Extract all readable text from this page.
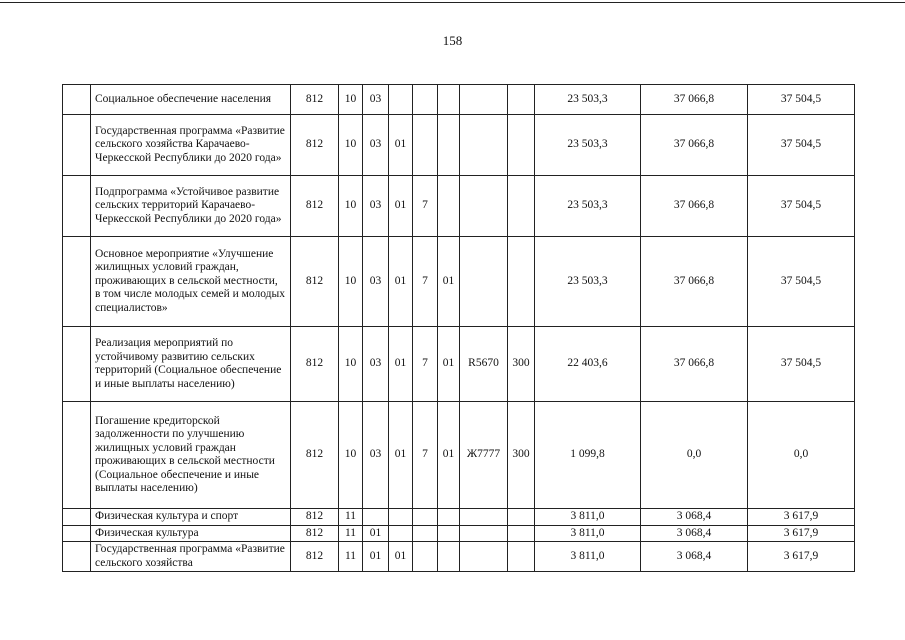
158
	Социальное обеспечение населения	812	10	03						23 503,3	37 066,8	37 504,5
	Государственная программа «Развитие сельского хозяйства Карачаево-Черкесской Республики до 2020 года»	812	10	03	01					23 503,3	37 066,8	37 504,5
	Подпрограмма «Устойчивое развитие сельских территорий Карачаево-Черкесской Республики до 2020 года»	812	10	03	01	7				23 503,3	37 066,8	37 504,5
	Основное мероприятие «Улучшение жилищных условий граждан, проживающих в сельской местности, в том числе молодых семей и молодых специалистов»	812	10	03	01	7	01			23 503,3	37 066,8	37 504,5
	Реализация мероприятий по устойчивому развитию сельских территорий (Социальное обеспечение и иные выплаты населению)	812	10	03	01	7	01	R5670	300	22 403,6	37 066,8	37 504,5
	Погашение кредиторской задолженности по улучшению жилищных условий граждан проживающих в сельской местности (Социальное обеспечение и иные выплаты населению)	812	10	03	01	7	01	Ж7777	300	1 099,8	0,0	0,0
	Физическая культура и спорт	812	11							3 811,0	3 068,4	3 617,9
	Физическая культура	812	11	01						3 811,0	3 068,4	3 617,9
	Государственная программа «Развитие сельского хозяйства	812	11	01	01					3 811,0	3 068,4	3 617,9
